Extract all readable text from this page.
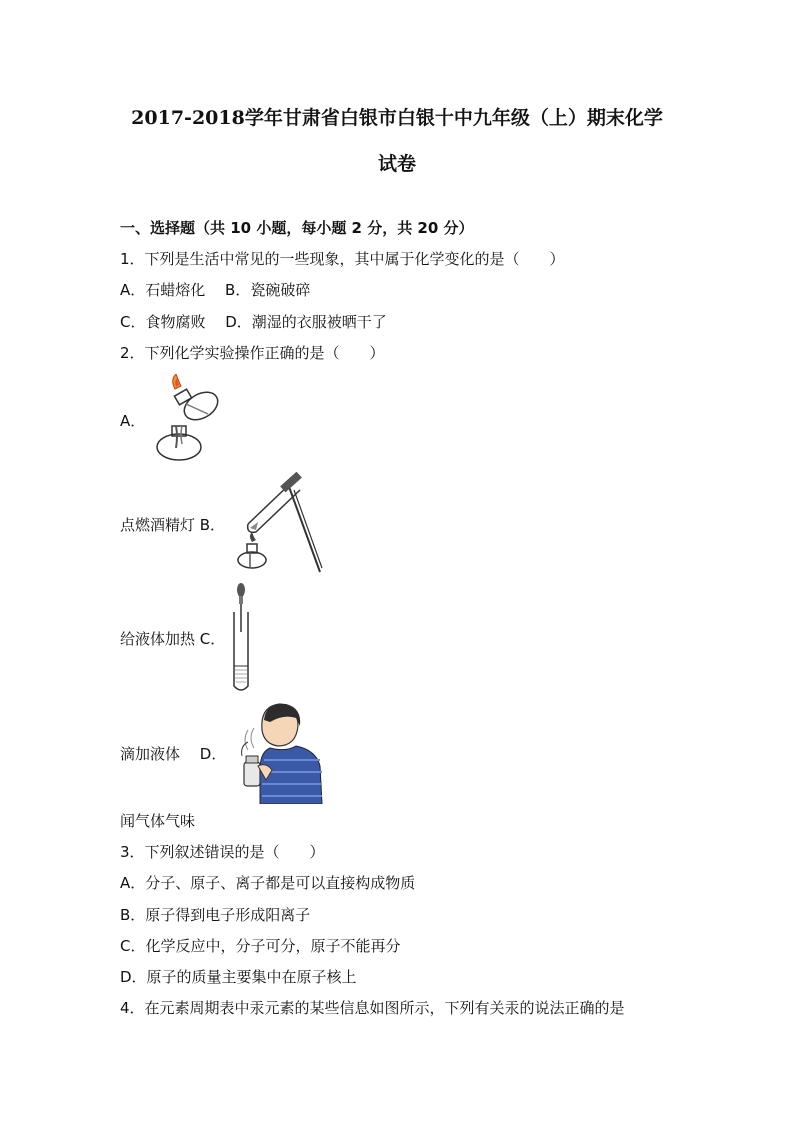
2017-2018学年甘肃省白银市白银十中九年级（上）期末化学
试卷
一、选择题（共 10 小题，每小题 2 分，共 20 分）
1．下列是生活中常见的一些现象，其中属于化学变化的是（　　）
A．石蜡熔化　 B．瓷碗破碎
C．食物腐败　 D．潮湿的衣服被晒干了
2．下列化学实验操作正确的是（　　）
A．
点燃酒精灯 B．
给液体加热 C．
滴加液体　 D．
闻气体气味
3．下列叙述错误的是（　　）
A．分子、原子、离子都是可以直接构成物质
B．原子得到电子形成阳离子
C．化学反应中，分子可分，原子不能再分
D．原子的质量主要集中在原子核上
4．在元素周期表中汞元素的某些信息如图所示，下列有关汞的说法正确的是
